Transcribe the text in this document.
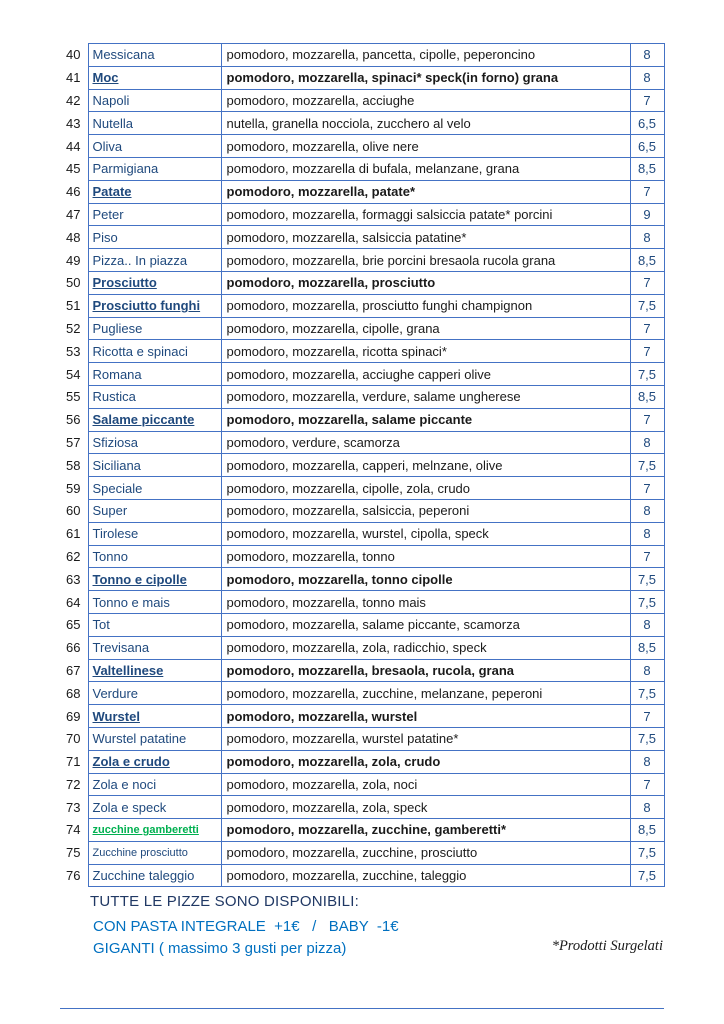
40	Messicana	pomodoro, mozzarella, pancetta, cipolle, peperoncino	8
41	Moc	pomodoro, mozzarella, spinaci* speck(in forno) grana	8
42	Napoli	pomodoro, mozzarella, acciughe	7
43	Nutella	nutella, granella nocciola, zucchero al velo	6,5
44	Oliva	pomodoro, mozzarella, olive nere	6,5
45	Parmigiana	pomodoro, mozzarella di bufala, melanzane, grana	8,5
46	Patate	pomodoro, mozzarella, patate*	7
47	Peter	pomodoro, mozzarella, formaggi salsiccia patate* porcini	9
48	Piso	pomodoro, mozzarella, salsiccia patatine*	8
49	Pizza.. In piazza	pomodoro, mozzarella, brie porcini bresaola rucola grana	8,5
50	Prosciutto	pomodoro, mozzarella, prosciutto	7
51	Prosciutto funghi	pomodoro, mozzarella, prosciutto funghi champignon	7,5
52	Pugliese	pomodoro, mozzarella, cipolle, grana	7
53	Ricotta e spinaci	pomodoro, mozzarella, ricotta spinaci*	7
54	Romana	pomodoro, mozzarella, acciughe capperi olive	7,5
55	Rustica	pomodoro, mozzarella, verdure, salame ungherese	8,5
56	Salame piccante	pomodoro, mozzarella, salame piccante	7
57	Sfiziosa	pomodoro, verdure, scamorza	8
58	Siciliana	pomodoro, mozzarella, capperi, melnzane, olive	7,5
59	Speciale	pomodoro, mozzarella, cipolle, zola, crudo	7
60	Super	pomodoro, mozzarella, salsiccia, peperoni	8
61	Tirolese	pomodoro, mozzarella, wurstel, cipolla, speck	8
62	Tonno	pomodoro, mozzarella, tonno	7
63	Tonno e cipolle	pomodoro, mozzarella, tonno cipolle	7,5
64	Tonno e mais	pomodoro, mozzarella, tonno mais	7,5
65	Tot	pomodoro, mozzarella, salame piccante, scamorza	8
66	Trevisana	pomodoro, mozzarella, zola, radicchio, speck	8,5
67	Valtellinese	pomodoro, mozzarella, bresaola, rucola, grana	8
68	Verdure	pomodoro, mozzarella, zucchine, melanzane, peperoni	7,5
69	Wurstel	pomodoro, mozzarella, wurstel	7
70	Wurstel patatine	pomodoro, mozzarella, wurstel patatine*	7,5
71	Zola e crudo	pomodoro, mozzarella, zola, crudo	8
72	Zola e noci	pomodoro, mozzarella, zola, noci	7
73	Zola e speck	pomodoro, mozzarella, zola, speck	8
74	zucchine gamberetti	pomodoro, mozzarella, zucchine, gamberetti*	8,5
75	Zucchine prosciutto	pomodoro, mozzarella, zucchine, prosciutto	7,5
76	Zucchine taleggio	pomodoro, mozzarella, zucchine, taleggio	7,5
TUTTE LE PIZZE SONO DISPONIBILI:
CON PASTA INTEGRALE  +1€   /   BABY  -1€
GIGANTI ( massimo 3 gusti per pizza)	*Prodotti Surgelati
